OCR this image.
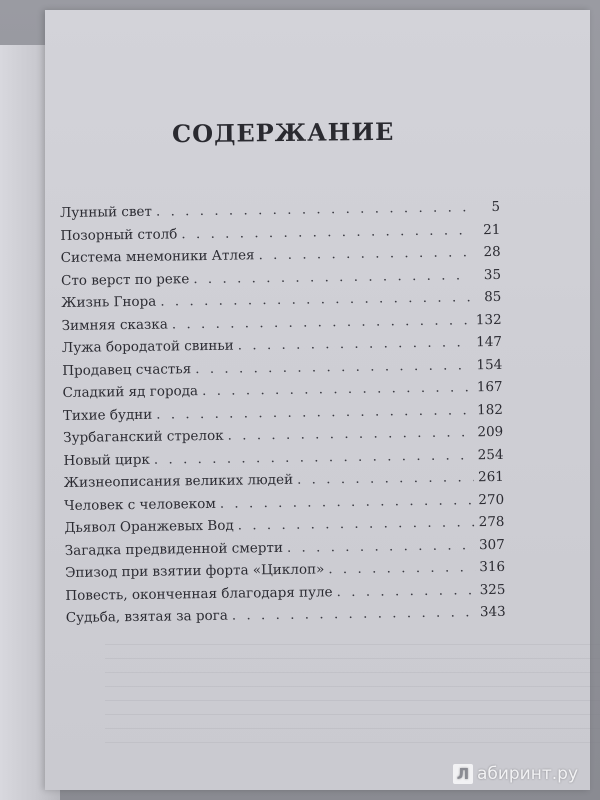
СОДЕРЖАНИЕ
Лунный свет . . .	5
Позорный столб . . .	21
Система мнемоники Атлея . . .	28
Сто верст по реке . . .	35
Жизнь Гнора . . .	85
Зимняя сказка . . .	132
Лужа бородатой свиньи . . .	147
Продавец счастья . . .	154
Сладкий яд города . . .	167
Тихие будни . . .	182
Зурбаганский стрелок . . .	209
Новый цирк . . .	254
Жизнеописания великих людей . . .	261
Человек с человеком . . .	270
Дьявол Оранжевых Вод . . .	278
Загадка предвиденной смерти . . .	307
Эпизод при взятии форта «Циклоп» . . .	316
Повесть, оконченная благодаря пуле . . .	325
Судьба, взятая за рога . . .	343
Л абиринт.ру
